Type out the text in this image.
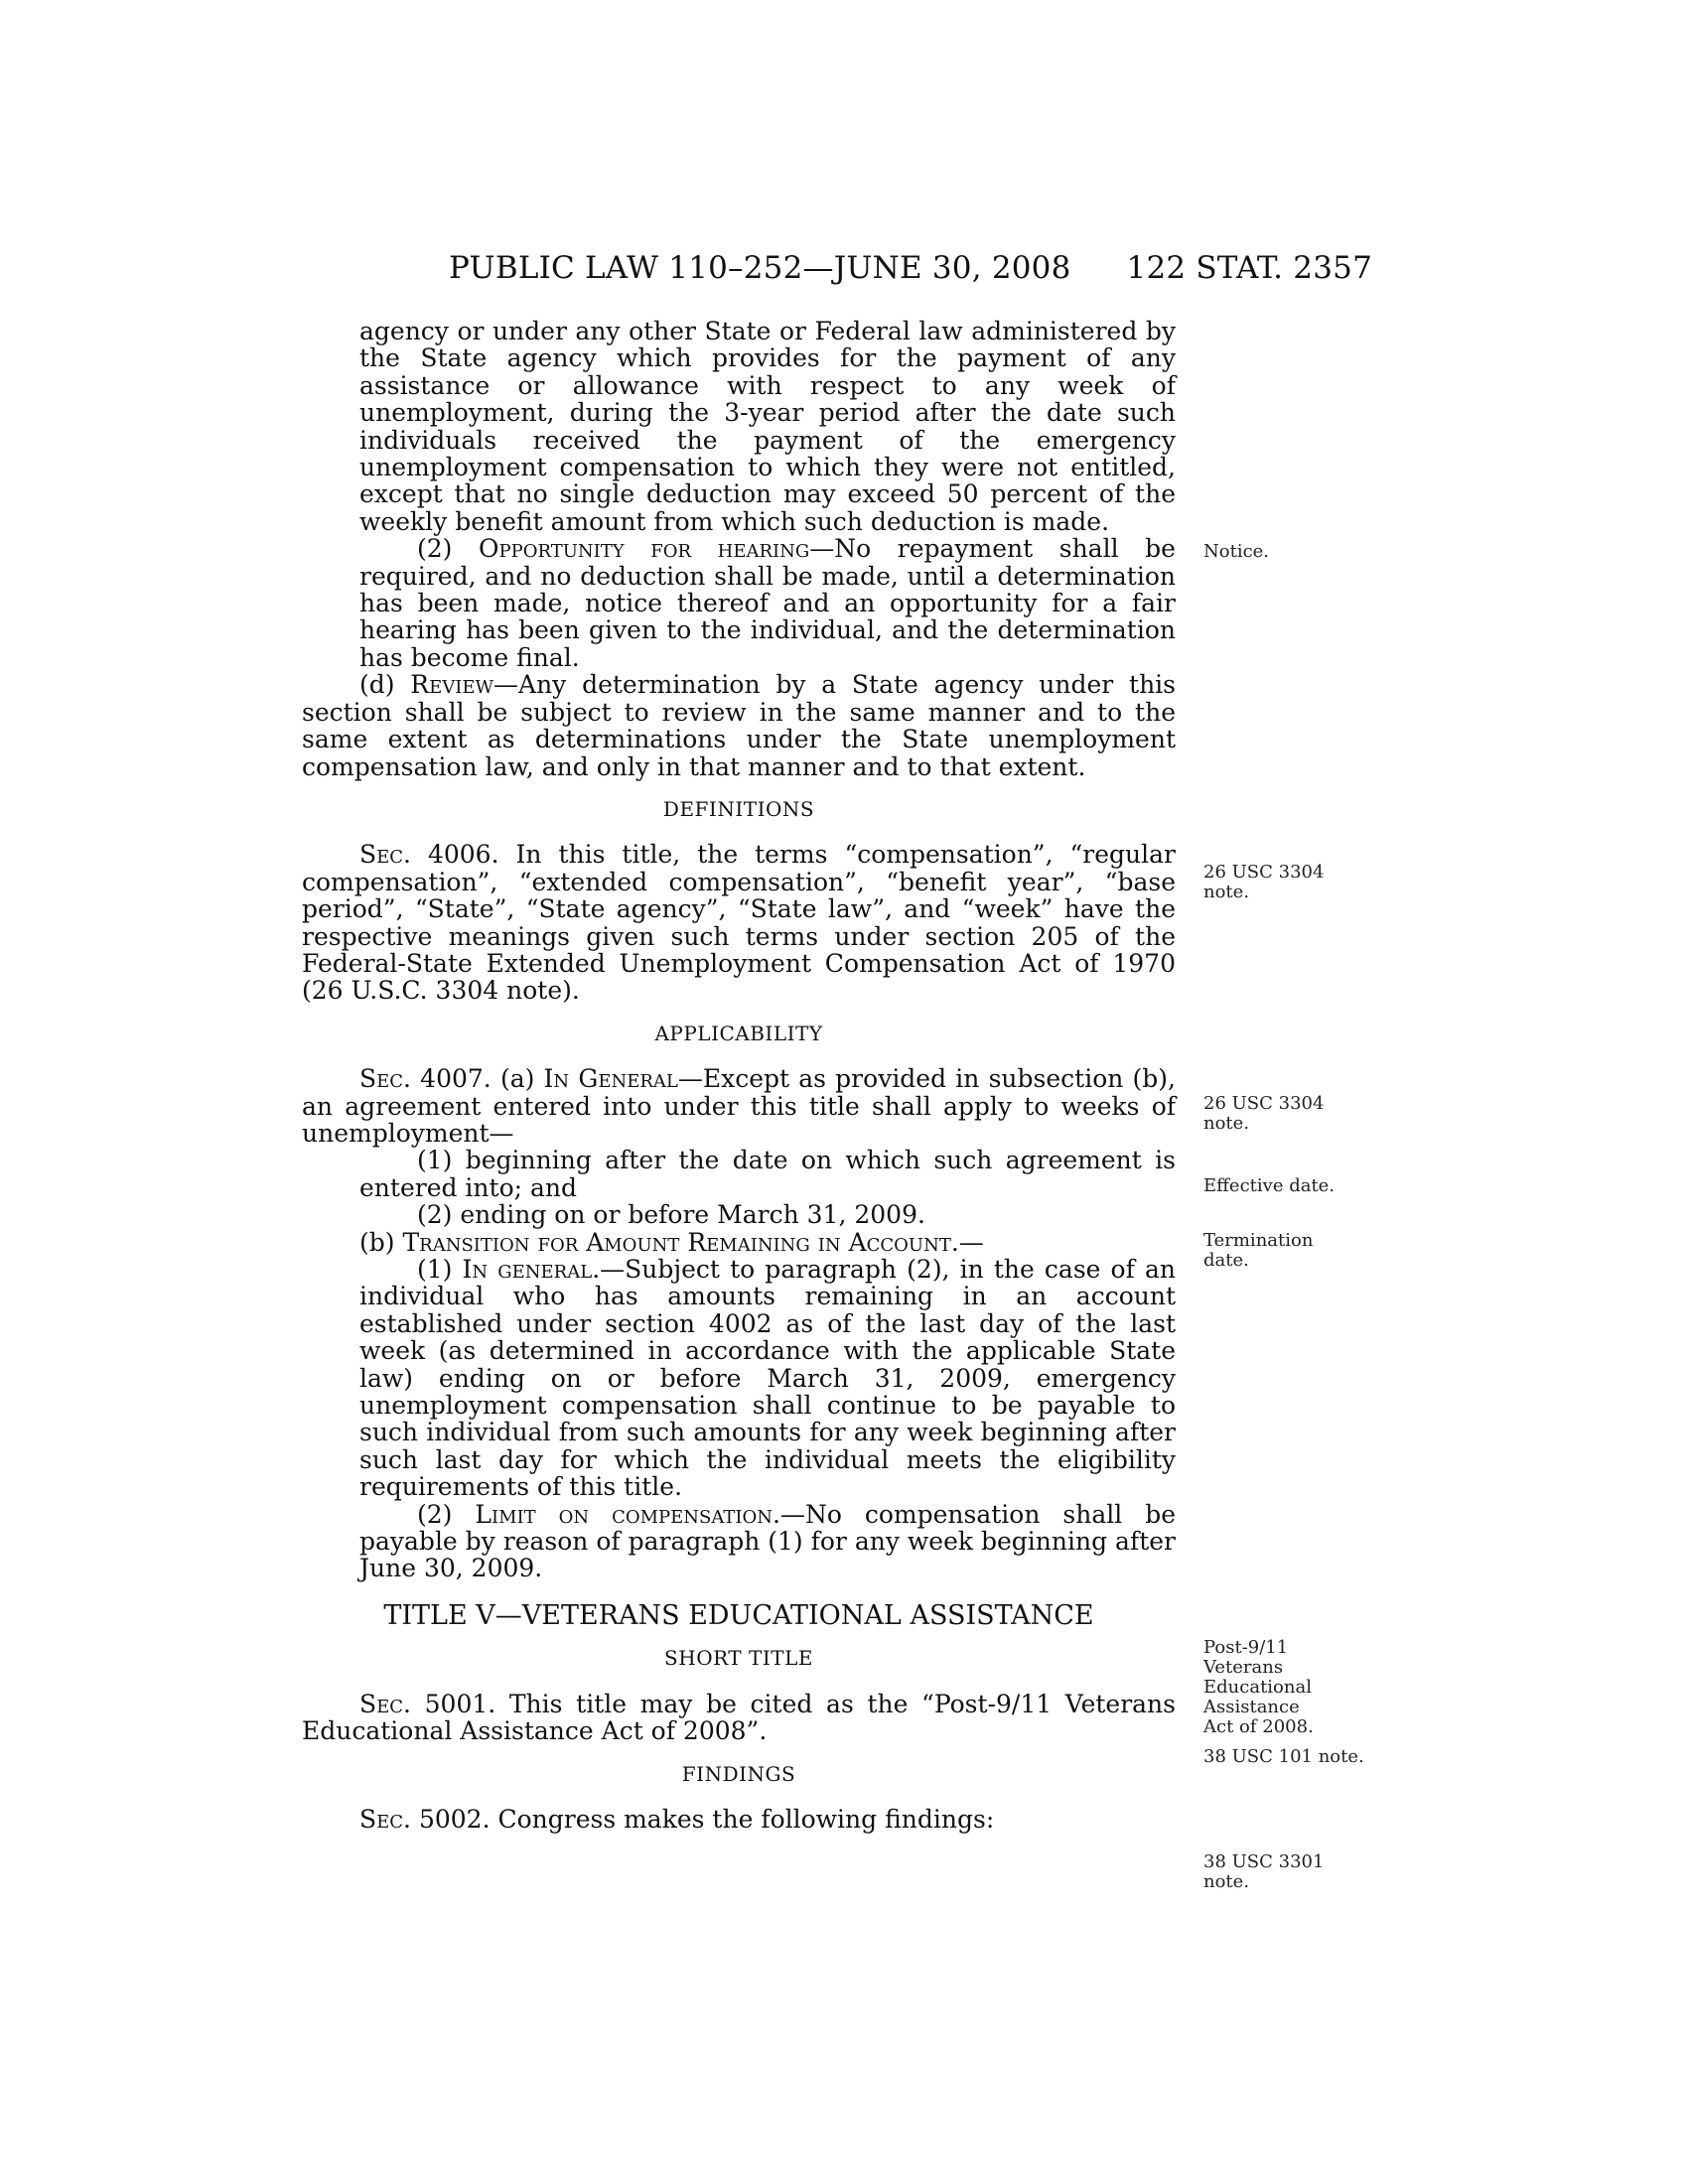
PUBLIC LAW 110–252—JUNE 30, 2008 122 STAT. 2357

agency or under any other State or Federal law administered by the State agency which provides for the payment of any assistance or allowance with respect to any week of unemployment, during the 3-year period after the date such individuals received the payment of the emergency unemployment compensation to which they were not entitled, except that no single deduction may exceed 50 percent of the weekly benefit amount from which such deduction is made.

(2) Opportunity for hearing—No repayment shall be required, and no deduction shall be made, until a determination has been made, notice thereof and an opportunity for a fair hearing has been given to the individual, and the determination has become final.

(d) Review—Any determination by a State agency under this section shall be subject to review in the same manner and to the same extent as determinations under the State unemployment compensation law, and only in that manner and to that extent.

DEFINITIONS

Sec. 4006. In this title, the terms “compensation”, “regular compensation”, “extended compensation”, “benefit year”, “base period”, “State”, “State agency”, “State law”, and “week” have the respective meanings given such terms under section 205 of the Federal-State Extended Unemployment Compensation Act of 1970 (26 U.S.C. 3304 note).

APPLICABILITY

Sec. 4007. (a) In General—Except as provided in subsection (b), an agreement entered into under this title shall apply to weeks of unemployment—

(1) beginning after the date on which such agreement is entered into; and

(2) ending on or before March 31, 2009.

(b) Transition for Amount Remaining in Account.—

(1) In general.—Subject to paragraph (2), in the case of an individual who has amounts remaining in an account established under section 4002 as of the last day of the last week (as determined in accordance with the applicable State law) ending on or before March 31, 2009, emergency unemployment compensation shall continue to be payable to such individual from such amounts for any week beginning after such last day for which the individual meets the eligibility requirements of this title.

(2) Limit on compensation.—No compensation shall be payable by reason of paragraph (1) for any week beginning after June 30, 2009.

TITLE V—VETERANS EDUCATIONAL ASSISTANCE

SHORT TITLE

Sec. 5001. This title may be cited as the “Post-9/11 Veterans Educational Assistance Act of 2008”.

FINDINGS

Sec. 5002. Congress makes the following findings:

Notice.
26 USC 3304 note.
26 USC 3304 note.
Effective date.
Termination date.
Post-9/11 Veterans Educational Assistance Act of 2008.
38 USC 101 note.
38 USC 3301 note.
